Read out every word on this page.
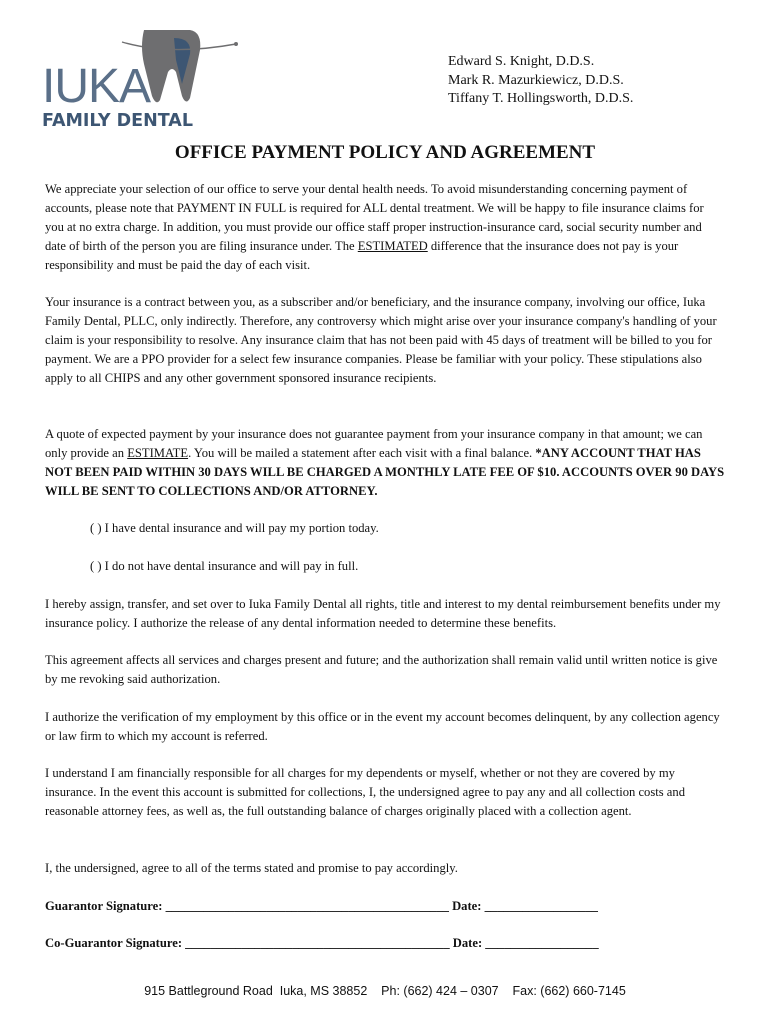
IUKA
FAMILY DENTAL
Edward S. Knight, D.D.S.
Mark R. Mazurkiewicz, D.D.S.
Tiffany T. Hollingsworth, D.D.S.
OFFICE PAYMENT POLICY AND AGREEMENT

We appreciate your selection of our office to serve your dental health needs. To avoid misunderstanding concerning payment of accounts, please note that PAYMENT IN FULL is required for ALL dental treatment. We will be happy to file insurance claims for you at no extra charge. In addition, you must provide our office staff proper instruction-insurance card, social security number and date of birth of the person you are filing insurance under. The ESTIMATED difference that the insurance does not pay is your responsibility and must be paid the day of each visit.

Your insurance is a contract between you, as a subscriber and/or beneficiary, and the insurance company, involving our office, Iuka Family Dental, PLLC, only indirectly. Therefore, any controversy which might arise over your insurance company's handling of your claim is your responsibility to resolve. Any insurance claim that has not been paid with 45 days of treatment will be billed to you for payment. We are a PPO provider for a select few insurance companies. Please be familiar with your policy. These stipulations also apply to all CHIPS and any other government sponsored insurance recipients.

A quote of expected payment by your insurance does not guarantee payment from your insurance company in that amount; we can only provide an ESTIMATE. You will be mailed a statement after each visit with a final balance. *ANY ACCOUNT THAT HAS NOT BEEN PAID WITHIN 30 DAYS WILL BE CHARGED A MONTHLY LATE FEE OF $10. ACCOUNTS OVER 90 DAYS WILL BE SENT TO COLLECTIONS AND/OR ATTORNEY.

( ) I have dental insurance and will pay my portion today.

( ) I do not have dental insurance and will pay in full.

I hereby assign, transfer, and set over to Iuka Family Dental all rights, title and interest to my dental reimbursement benefits under my insurance policy. I authorize the release of any dental information needed to determine these benefits.

This agreement affects all services and charges present and future; and the authorization shall remain valid until written notice is give by me revoking said authorization.

I authorize the verification of my employment by this office or in the event my account becomes delinquent, by any collection agency or law firm to which my account is referred.

I understand I am financially responsible for all charges for my dependents or myself, whether or not they are covered by my insurance. In the event this account is submitted for collections, I, the undersigned agree to pay any and all collection costs and reasonable attorney fees, as well as, the full outstanding balance of charges originally placed with a collection agent.

I, the undersigned, agree to all of the terms stated and promise to pay accordingly.

Guarantor Signature: _____________________________________________ Date: __________________

Co-Guarantor Signature: __________________________________________ Date: __________________

915 Battleground Road  Iuka, MS 38852    Ph: (662) 424 – 0307    Fax: (662) 660-7145
